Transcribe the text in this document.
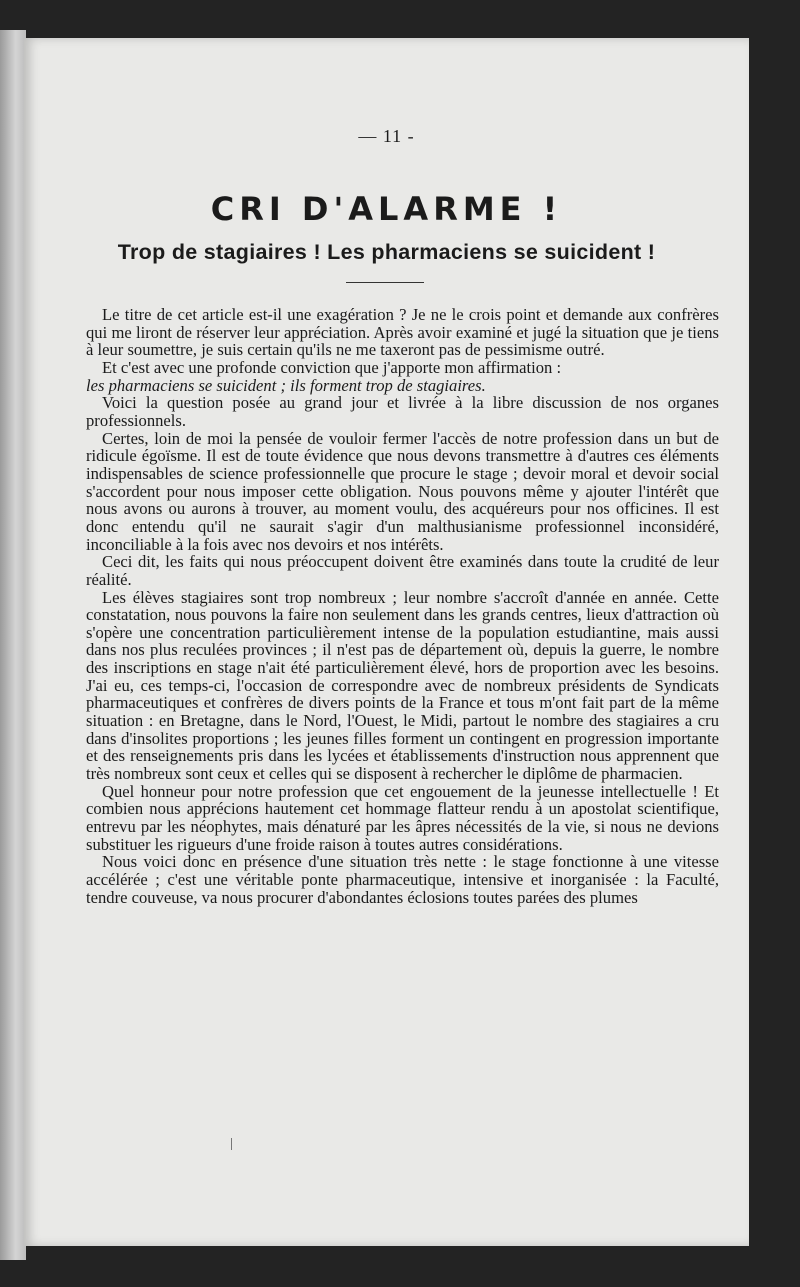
— 11 -
CRI D'ALARME !
Trop de stagiaires ! Les pharmaciens se suicident !

Le titre de cet article est-il une exagération ? Je ne le crois point et demande aux confrères qui me liront de réserver leur appréciation. Après avoir examiné et jugé la situation que je tiens à leur soumettre, je suis certain qu'ils ne me taxeront pas de pessimisme outré.

Et c'est avec une profonde conviction que j'apporte mon affirmation :

les pharmaciens se suicident ; ils forment trop de stagiaires.

Voici la question posée au grand jour et livrée à la libre discussion de nos organes professionnels.

Certes, loin de moi la pensée de vouloir fermer l'accès de notre profession dans un but de ridicule égoïsme. Il est de toute évidence que nous devons transmettre à d'autres ces éléments indispensables de science professionnelle que procure le stage ; devoir moral et devoir social s'accordent pour nous imposer cette obligation. Nous pouvons même y ajouter l'intérêt que nous avons ou aurons à trouver, au moment voulu, des acquéreurs pour nos officines. Il est donc entendu qu'il ne saurait s'agir d'un malthusianisme professionnel inconsidéré, inconciliable à la fois avec nos devoirs et nos intérêts.

Ceci dit, les faits qui nous préoccupent doivent être examinés dans toute la crudité de leur réalité.

Les élèves stagiaires sont trop nombreux ; leur nombre s'accroît d'année en année. Cette constatation, nous pouvons la faire non seulement dans les grands centres, lieux d'attraction où s'opère une concentration particulièrement intense de la population estudiantine, mais aussi dans nos plus reculées provinces ; il n'est pas de département où, depuis la guerre, le nombre des inscriptions en stage n'ait été particulièrement élevé, hors de proportion avec les besoins. J'ai eu, ces temps-ci, l'occasion de correspondre avec de nombreux présidents de Syndicats pharmaceutiques et confrères de divers points de la France et tous m'ont fait part de la même situation : en Bretagne, dans le Nord, l'Ouest, le Midi, partout le nombre des stagiaires a cru dans d'insolites proportions ; les jeunes filles forment un contingent en progression importante et des renseignements pris dans les lycées et établissements d'instruction nous apprennent que très nombreux sont ceux et celles qui se disposent à rechercher le diplôme de pharmacien.

Quel honneur pour notre profession que cet engouement de la jeunesse intellectuelle ! Et combien nous apprécions hautement cet hommage flatteur rendu à un apostolat scientifique, entrevu par les néophytes, mais dénaturé par les âpres nécessités de la vie, si nous ne devions substituer les rigueurs d'une froide raison à toutes autres considérations.

Nous voici donc en présence d'une situation très nette : le stage fonctionne à une vitesse accélérée ; c'est une véritable ponte pharmaceutique, intensive et inorganisée : la Faculté, tendre couveuse, va nous procurer d'abondantes éclosions toutes parées des plumes
